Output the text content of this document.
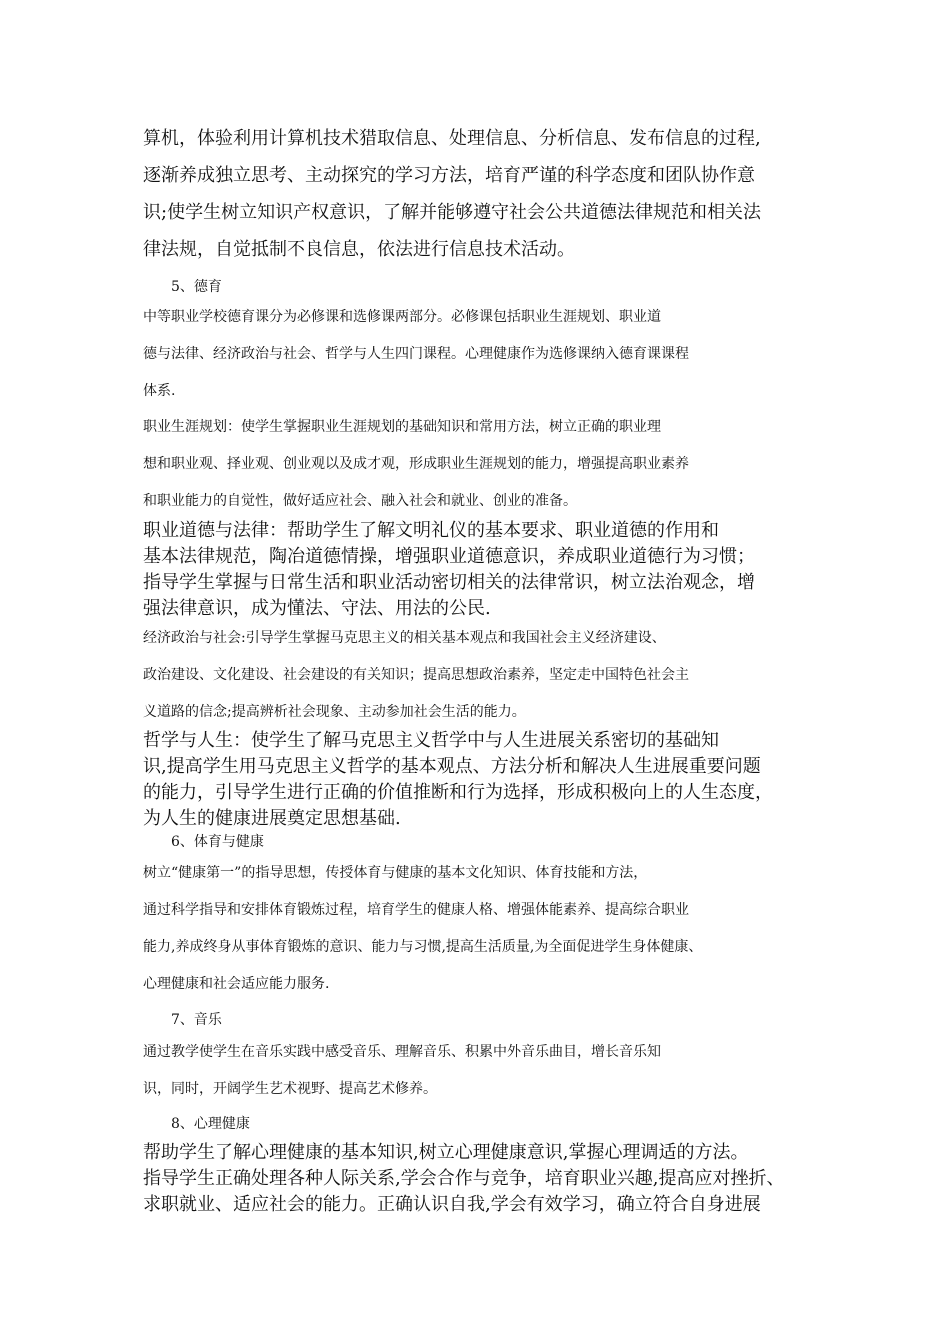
算机，体验利用计算机技术猎取信息、处理信息、分析信息、发布信息的过程,
逐渐养成独立思考、主动探究的学习方法，培育严谨的科学态度和团队协作意
识;使学生树立知识产权意识，了解并能够遵守社会公共道德法律规范和相关法
律法规，自觉抵制不良信息，依法进行信息技术活动。
5、德育
中等职业学校德育课分为必修课和选修课两部分。必修课包括职业生涯规划、职业道
德与法律、经济政治与社会、哲学与人生四门课程。心理健康作为选修课纳入德育课课程
体系.
职业生涯规划：使学生掌握职业生涯规划的基础知识和常用方法，树立正确的职业理
想和职业观、择业观、创业观以及成才观，形成职业生涯规划的能力，增强提高职业素养
和职业能力的自觉性，做好适应社会、融入社会和就业、创业的准备。
职业道德与法律：帮助学生了解文明礼仪的基本要求、职业道德的作用和
基本法律规范，陶冶道德情操，增强职业道德意识，养成职业道德行为习惯；
指导学生掌握与日常生活和职业活动密切相关的法律常识，树立法治观念，增
强法律意识，成为懂法、守法、用法的公民.
经济政治与社会:引导学生掌握马克思主义的相关基本观点和我国社会主义经济建设、
政治建设、文化建设、社会建设的有关知识；提高思想政治素养，坚定走中国特色社会主
义道路的信念;提高辨析社会现象、主动参加社会生活的能力。
哲学与人生：使学生了解马克思主义哲学中与人生进展关系密切的基础知
识,提高学生用马克思主义哲学的基本观点、方法分析和解决人生进展重要问题
的能力，引导学生进行正确的价值推断和行为选择，形成积极向上的人生态度，
为人生的健康进展奠定思想基础.
6、体育与健康
树立“健康第一”的指导思想，传授体育与健康的基本文化知识、体育技能和方法，
通过科学指导和安排体育锻炼过程，培育学生的健康人格、增强体能素养、提高综合职业
能力,养成终身从事体育锻炼的意识、能力与习惯,提高生活质量,为全面促进学生身体健康、
心理健康和社会适应能力服务.
7、音乐
通过教学使学生在音乐实践中感受音乐、理解音乐、积累中外音乐曲目，增长音乐知
识，同时，开阔学生艺术视野、提高艺术修养。
8、心理健康
帮助学生了解心理健康的基本知识,树立心理健康意识,掌握心理调适的方法。
指导学生正确处理各种人际关系,学会合作与竞争，培育职业兴趣,提高应对挫折、
求职就业、适应社会的能力。正确认识自我,学会有效学习，确立符合自身进展
